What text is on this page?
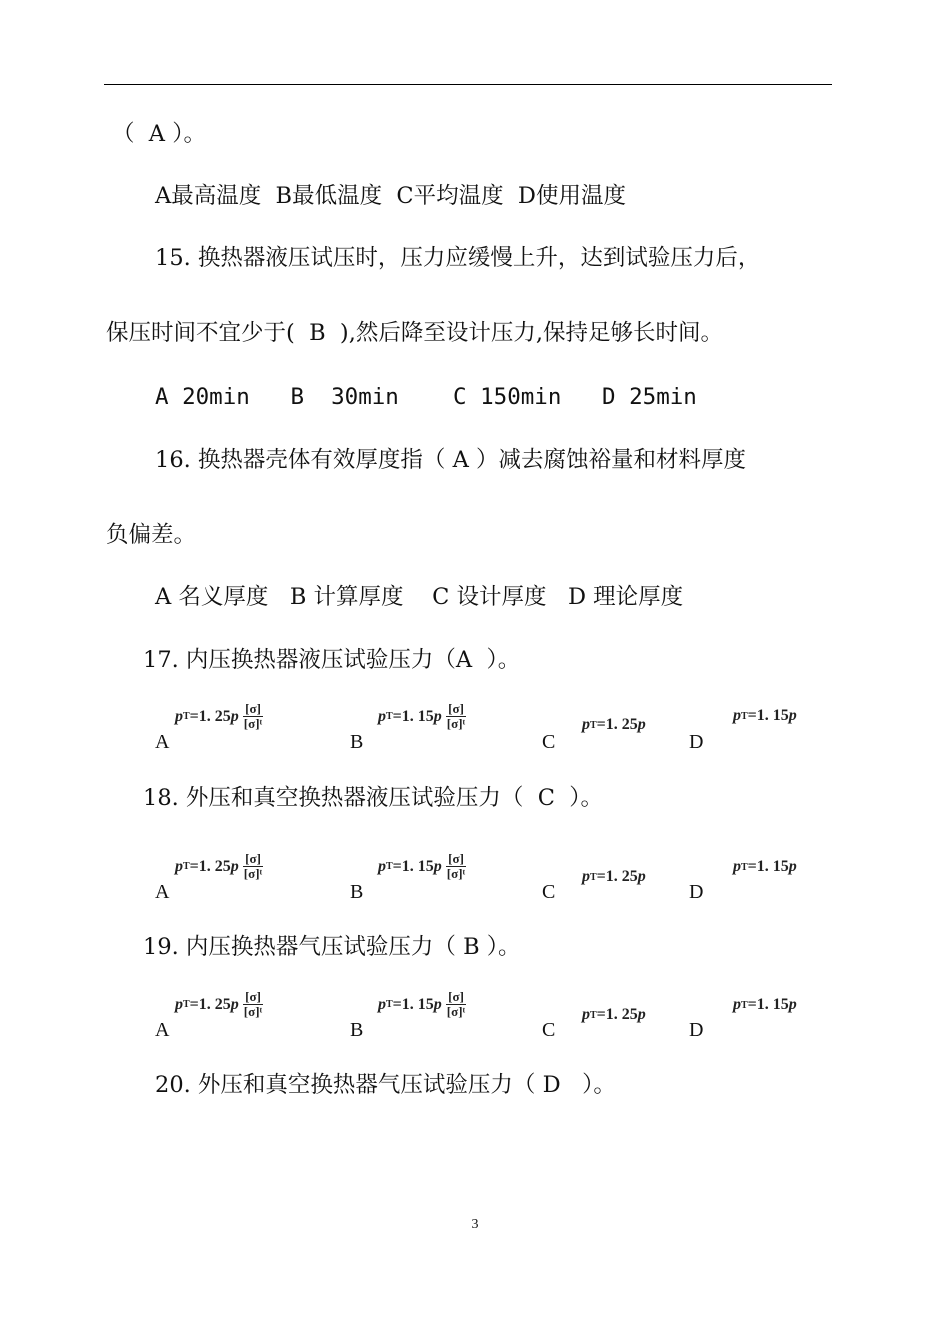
（  A ）。
A最高温度  B最低温度  C平均温度  D使用温度
15. 换热器液压试压时，压力应缓慢上升，达到试验压力后，
保压时间不宜少于(  B  ),然后降至设计压力,保持足够长时间。
A 20min   B  30min    C 150min   D 25min
16. 换热器壳体有效厚度指（ A ）减去腐蚀裕量和材料厚度
负偏差。
A 名义厚度   B 计算厚度    C 设计厚度   D 理论厚度
17. 内压换热器液压试验压力（A  ）。
A
p T = 1. 25 p $\frac{[\sigma]}{\text{[σ]ᵗ}}$
B
p T = 1. 15 p $\frac{[\sigma]}{\text{[σ]ᵗ}}$
C
p T = 1. 25 p
D
p T = 1. 15 p
18. 外压和真空换热器液压试验压力（  C  ）。
A
p T = 1. 25 p $\frac{[\sigma]}{\text{[σ]ᵗ}}$
B
p T = 1. 15 p $\frac{[\sigma]}{\text{[σ]ᵗ}}$
C
p T = 1. 25 p
D
p T = 1. 15 p
19. 内压换热器气压试验压力（ B ）。
A
p T = 1. 25 p $\frac{[\sigma]}{\text{[σ]ᵗ}}$
B
p T = 1. 15 p $\frac{[\sigma]}{\text{[σ]ᵗ}}$
C
p T = 1. 25 p
D
p T = 1. 15 p
20. 外压和真空换热器气压试验压力（ D   ）。
3
